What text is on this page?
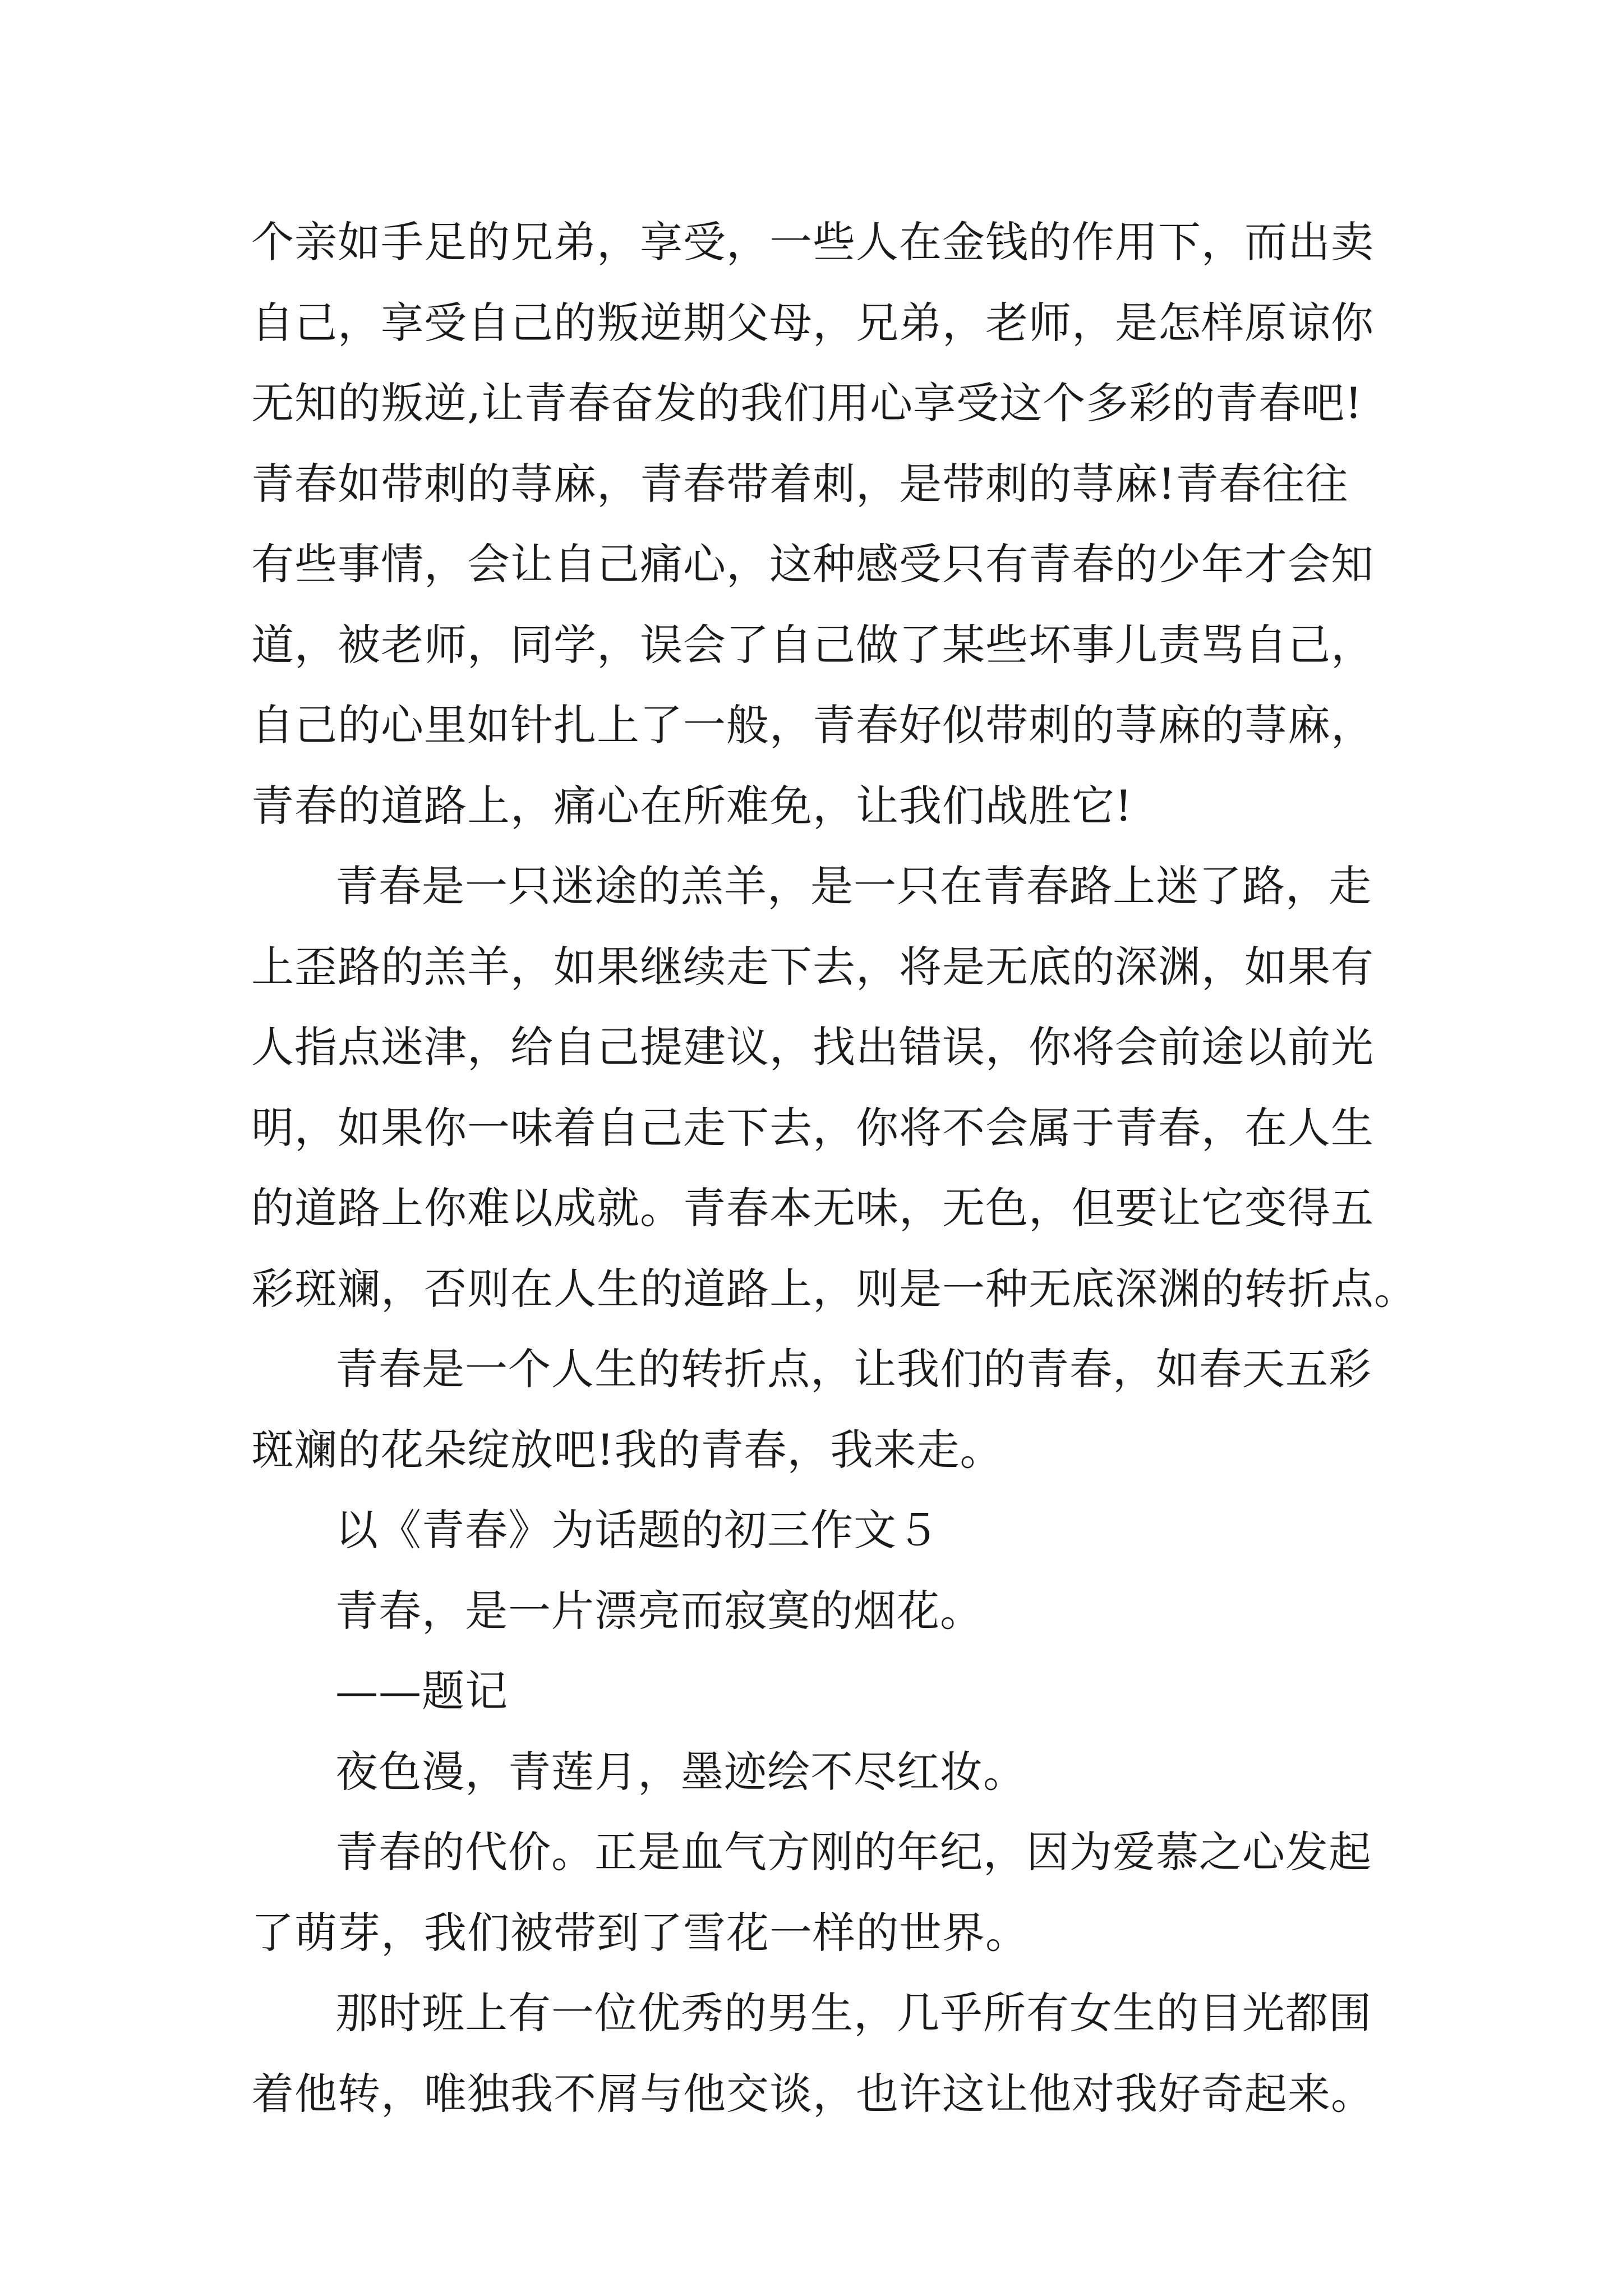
个亲如手足的兄弟，享受，一些人在金钱的作用下，而出卖
自己，享受自己的叛逆期父母，兄弟，老师，是怎样原谅你
无知的叛逆,让青春奋发的我们用心享受这个多彩的青春吧!
青春如带刺的荨麻，青春带着刺，是带刺的荨麻!青春往往
有些事情，会让自己痛心，这种感受只有青春的少年才会知
道，被老师，同学，误会了自己做了某些坏事儿责骂自己，
自己的心里如针扎上了一般，青春好似带刺的荨麻的荨麻，
青春的道路上，痛心在所难免，让我们战胜它!
青春是一只迷途的羔羊，是一只在青春路上迷了路，走
上歪路的羔羊，如果继续走下去，将是无底的深渊，如果有
人指点迷津，给自己提建议，找出错误，你将会前途以前光
明，如果你一味着自己走下去，你将不会属于青春，在人生
的道路上你难以成就。青春本无味，无色，但要让它变得五
彩斑斓，否则在人生的道路上，则是一种无底深渊的转折点。
青春是一个人生的转折点，让我们的青春，如春天五彩
斑斓的花朵绽放吧!我的青春，我来走。
以《青春》为话题的初三作文５
青春，是一片漂亮而寂寞的烟花。
——题记
夜色漫，青莲月，墨迹绘不尽红妆。
青春的代价。正是血气方刚的年纪，因为爱慕之心发起
了萌芽，我们被带到了雪花一样的世界。
那时班上有一位优秀的男生，几乎所有女生的目光都围
着他转，唯独我不屑与他交谈，也许这让他对我好奇起来。
